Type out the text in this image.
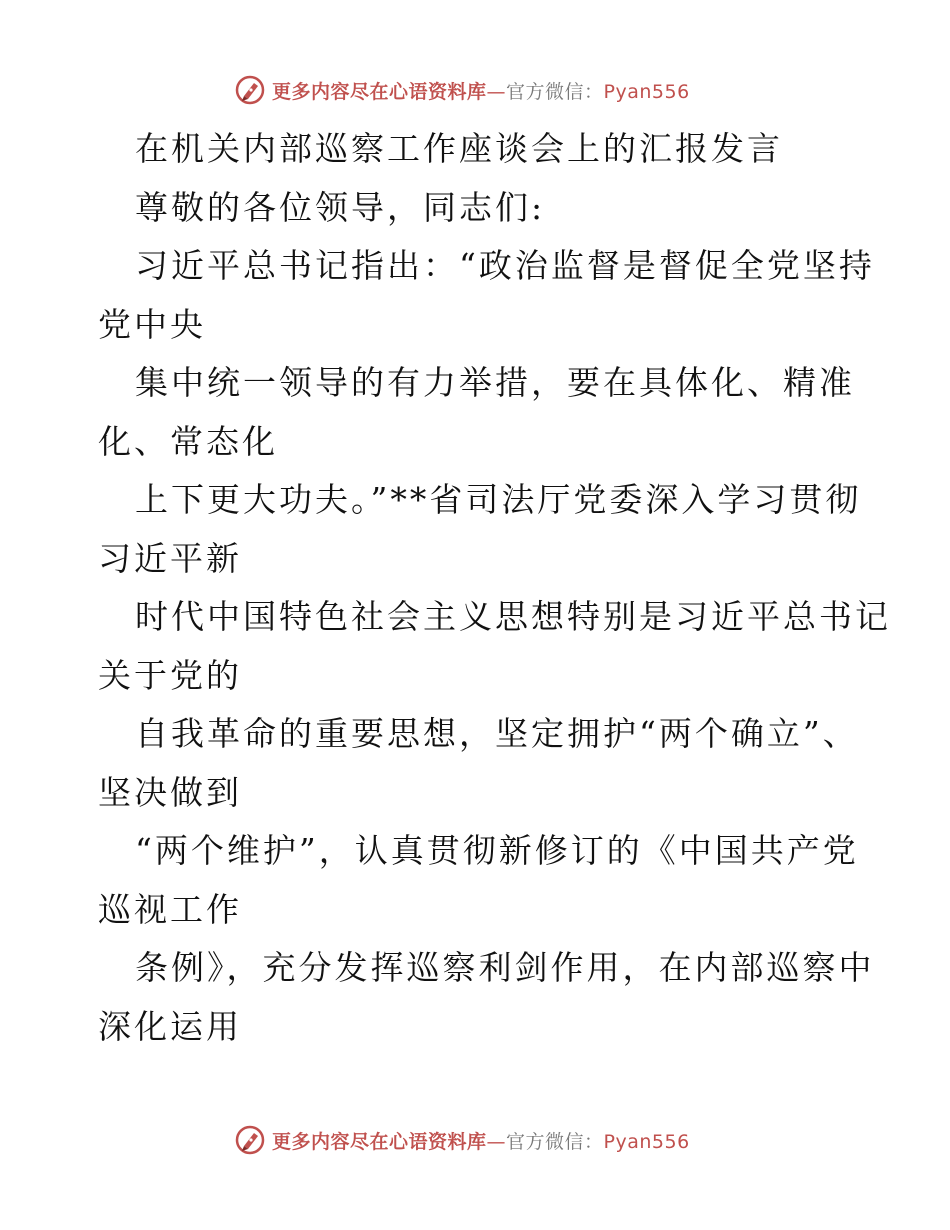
更多内容尽在心语资料库—官方微信：Pyan556
在机关内部巡察工作座谈会上的汇报发言
尊敬的各位领导，同志们:
习近平总书记指出：“政治监督是督促全党坚持
党中央
集中统一领导的有力举措，要在具体化、精准
化、常态化
上下更大功夫。”**省司法厅党委深入学习贯彻
习近平新
时代中国特色社会主义思想特别是习近平总书记
关于党的
自我革命的重要思想，坚定拥护“两个确立”、
坚决做到
“两个维护”，认真贯彻新修订的《中国共产党
巡视工作
条例》，充分发挥巡察利剑作用，在内部巡察中
深化运用
更多内容尽在心语资料库—官方微信：Pyan556
